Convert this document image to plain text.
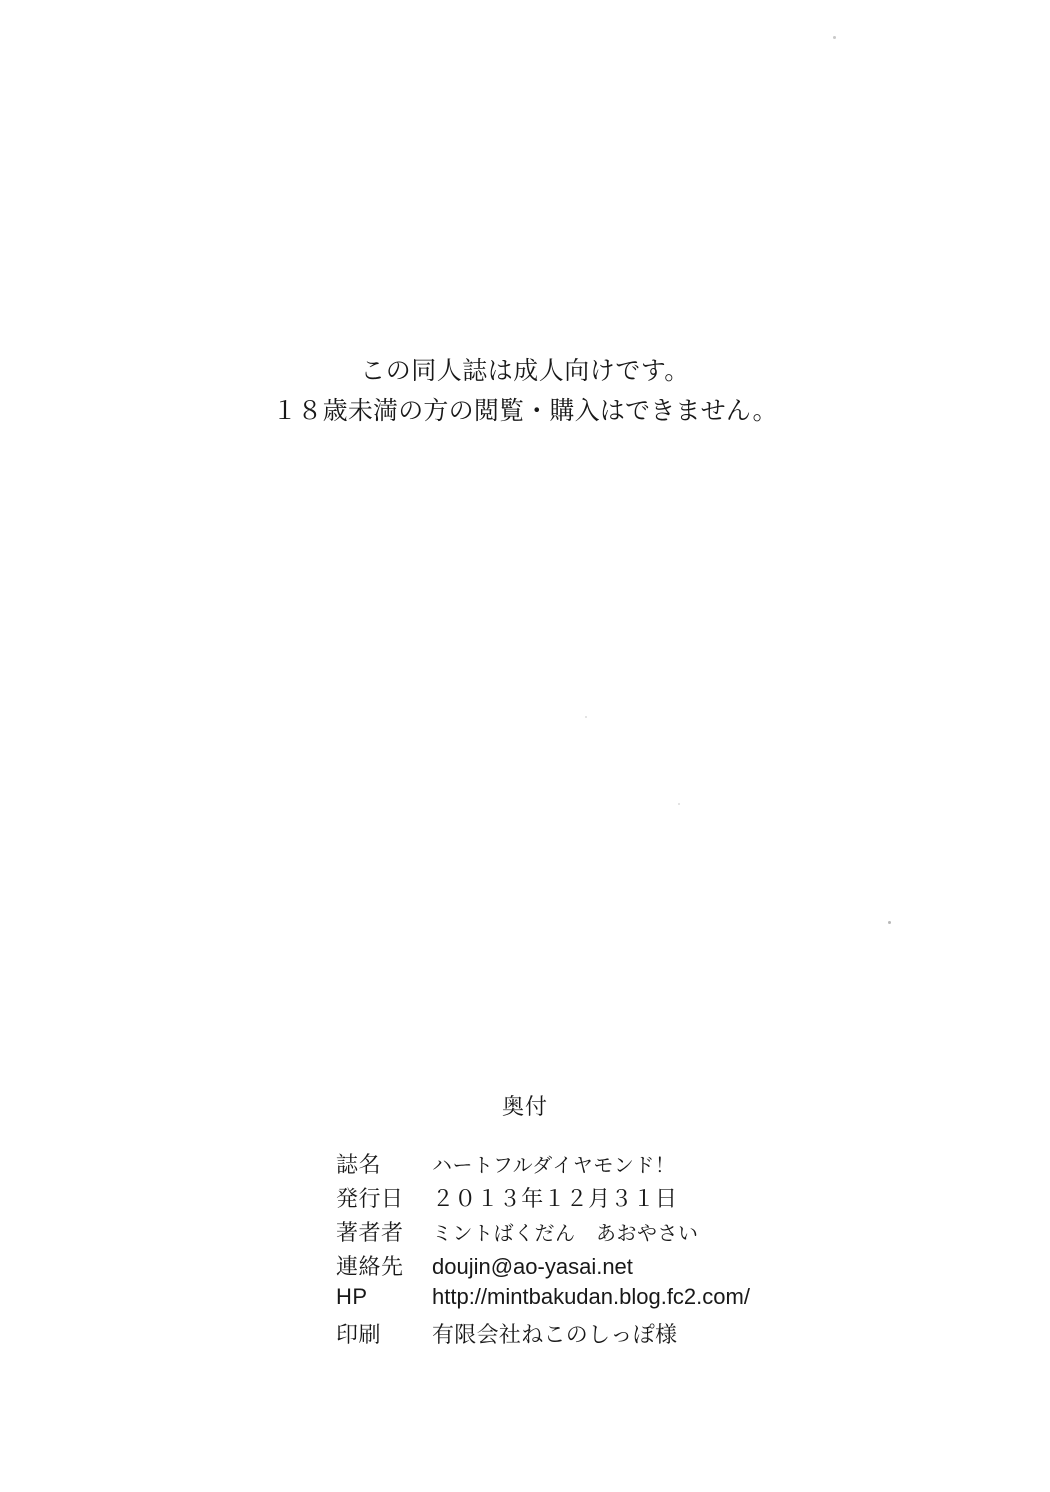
この同人誌は成人向けです。
１８歳未満の方の閲覧・購入はできません。
奥付
誌名	ハートフルダイヤモンド！
発行日	２０１３年１２月３１日
著者者	ミントばくだん　あおやさい
連絡先	doujin@ao-yasai.net
HP	http://mintbakudan.blog.fc2.com/
印刷	有限会社ねこのしっぽ様
